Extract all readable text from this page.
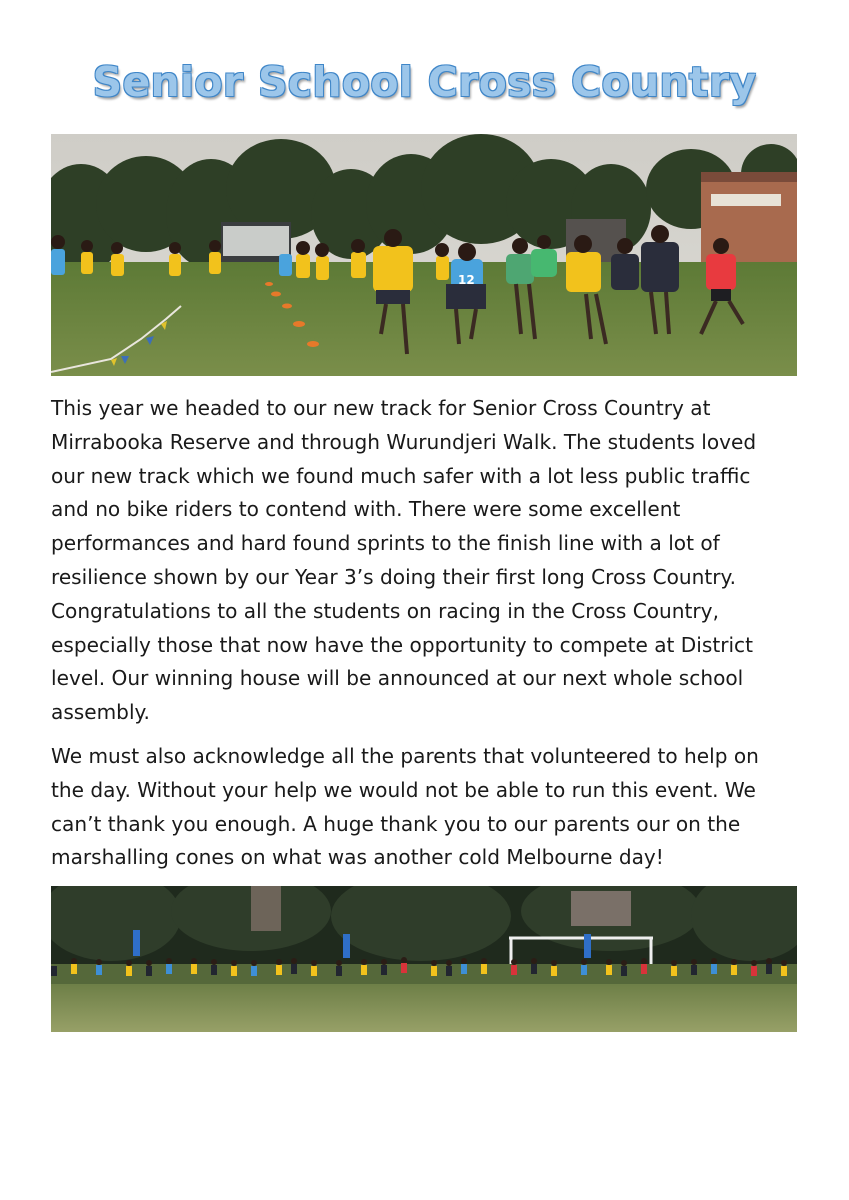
Senior School Cross Country
12

This year we headed to our new track for Senior Cross Country at
Mirrabooka Reserve and through Wurundjeri Walk. The students loved
our new track which we found much safer with a lot less public traffic
and no bike riders to contend with. There were some excellent
performances and hard found sprints to the finish line with a lot of
resilience shown by our Year 3’s doing their first long Cross Country.
Congratulations to all the students on racing in the Cross Country,
especially those that now have the opportunity to compete at District
level. Our winning house will be announced at our next whole school
assembly.

We must also acknowledge all the parents that volunteered to help on
the day. Without your help we would not be able to run this event. We
can’t thank you enough. A huge thank you to our parents our on the
marshalling cones on what was another cold Melbourne day!
